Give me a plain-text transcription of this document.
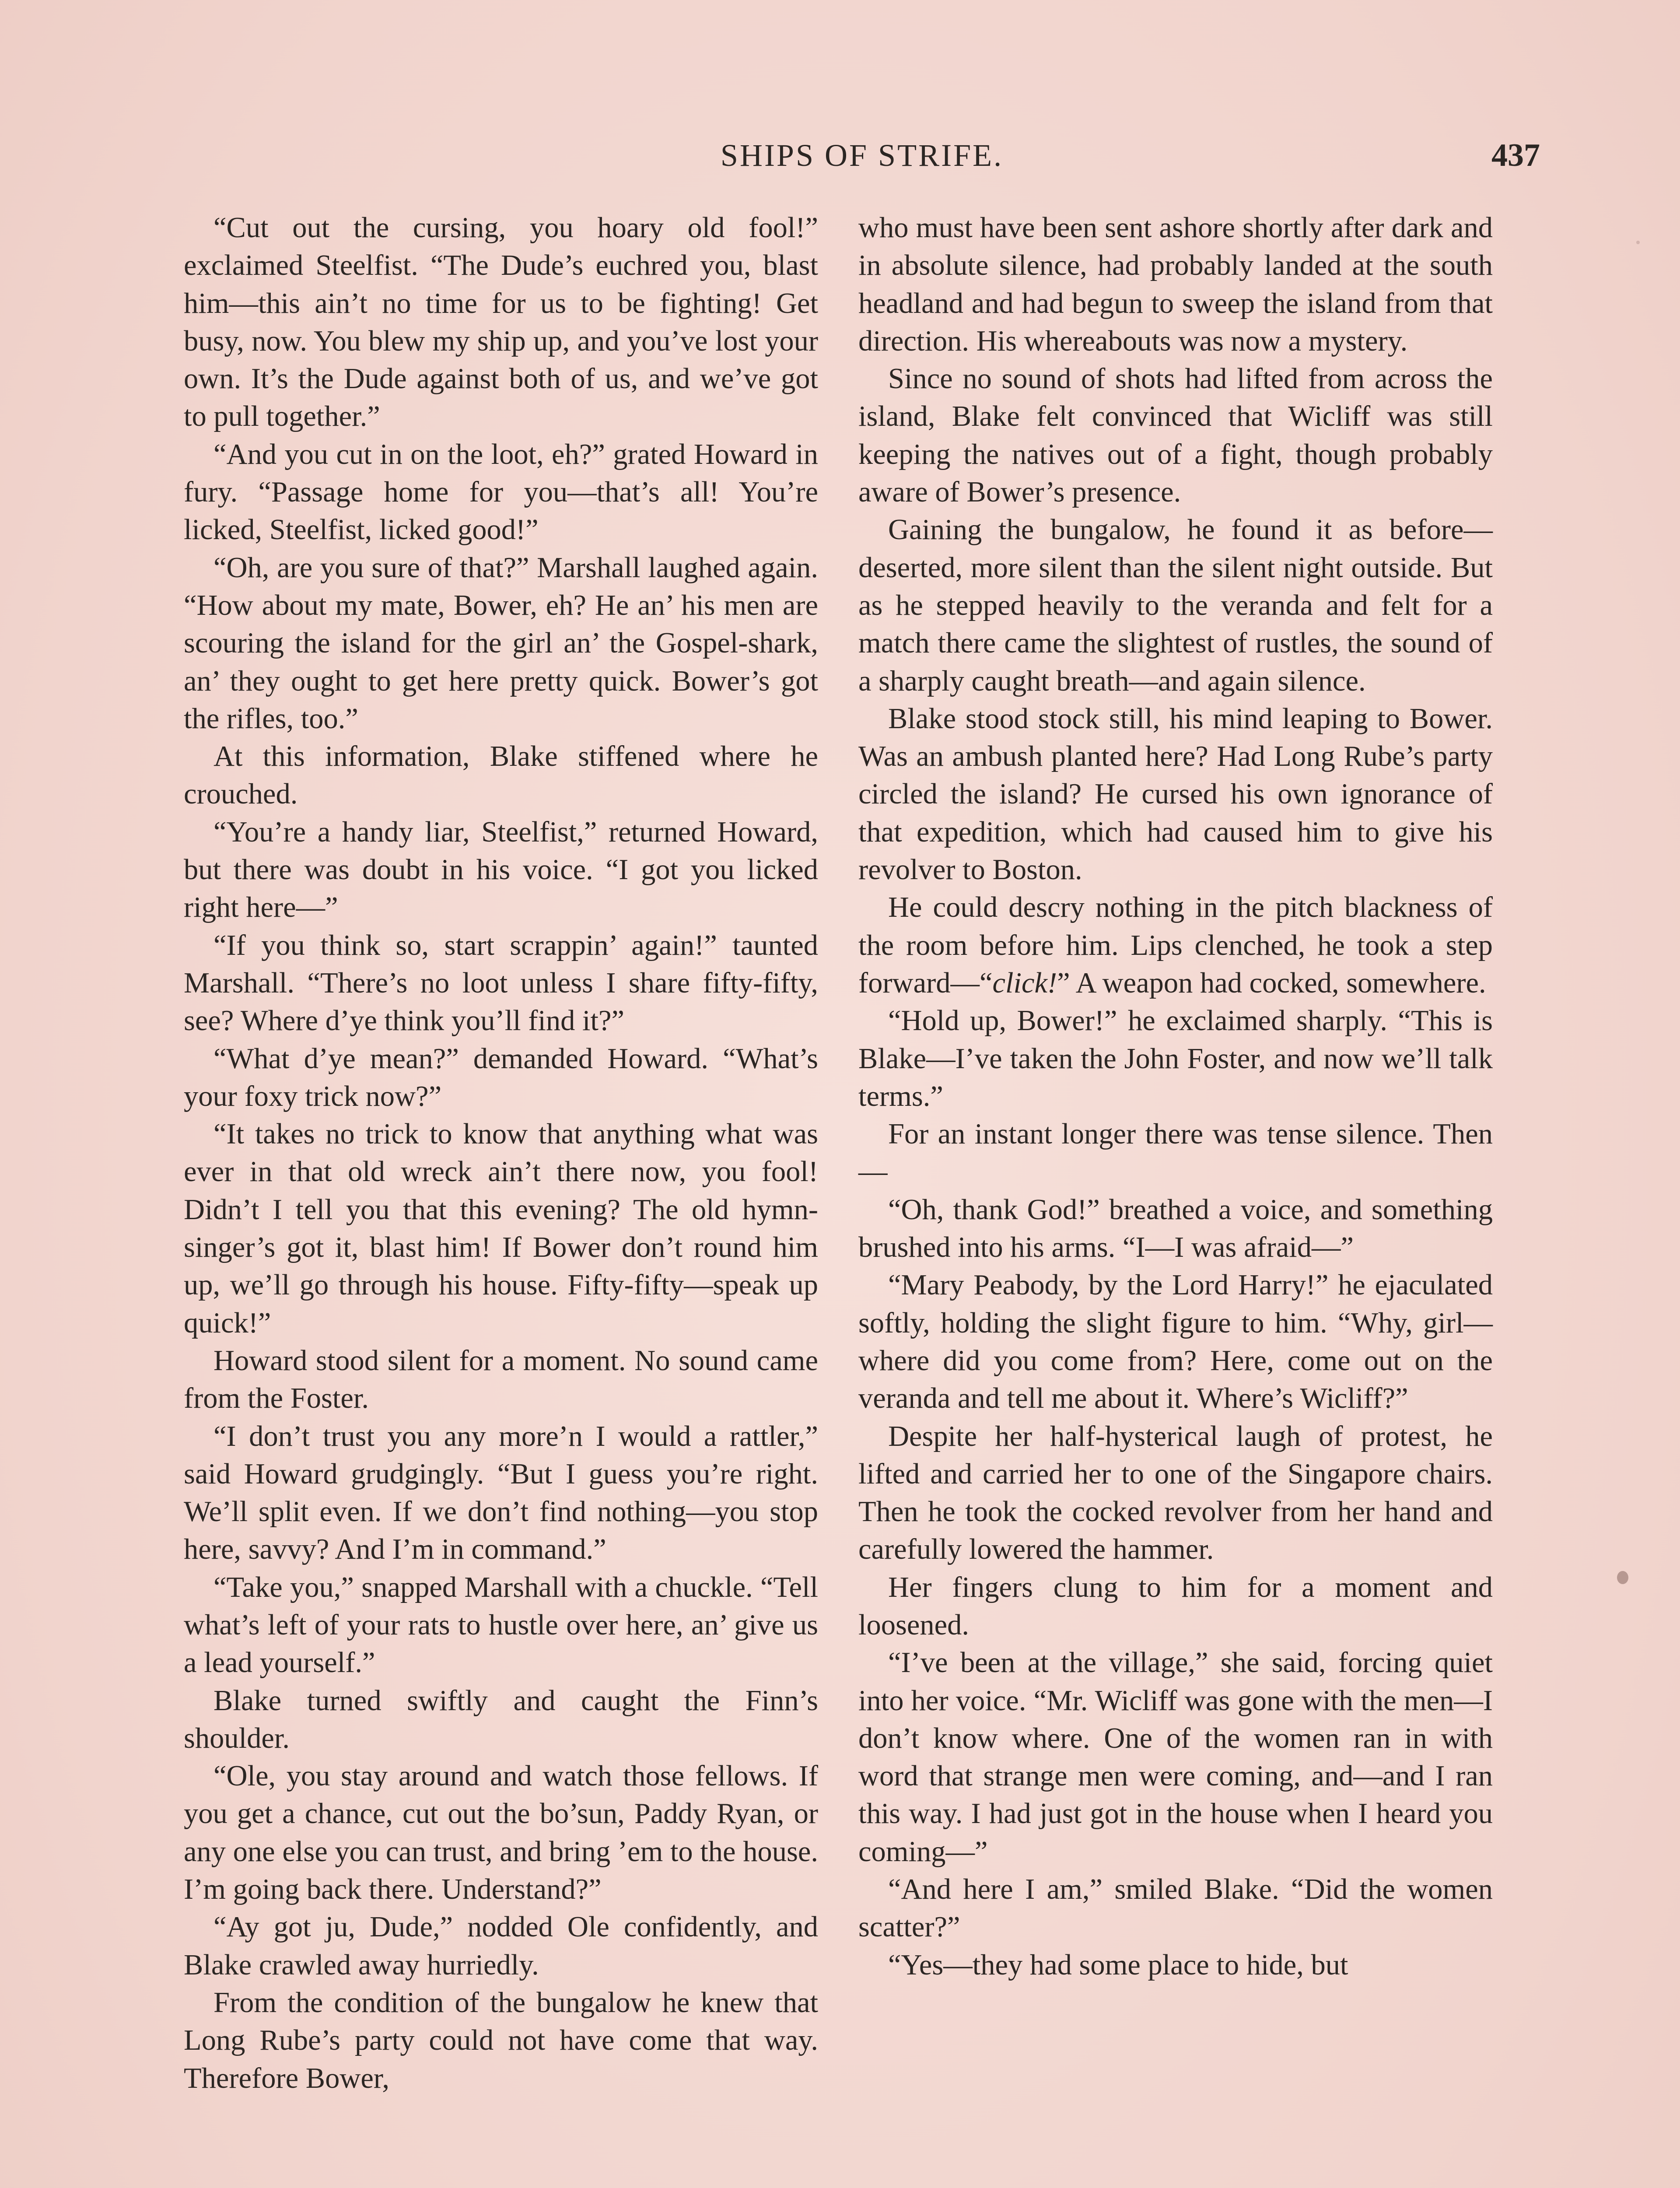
SHIPS OF STRIFE.	437

“Cut out the cursing, you hoary old fool!” exclaimed Steelfist. “The Dude’s euchred you, blast him—this ain’t no time for us to be fighting! Get busy, now. You blew my ship up, and you’ve lost your own. It’s the Dude against both of us, and we’ve got to pull together.”

“And you cut in on the loot, eh?” grated Howard in fury. “Passage home for you—that’s all! You’re licked, Steelfist, licked good!”

“Oh, are you sure of that?” Marshall laughed again. “How about my mate, Bower, eh? He an’ his men are scouring the island for the girl an’ the Gospel-shark, an’ they ought to get here pretty quick. Bower’s got the rifles, too.”

At this information, Blake stiffened where he crouched.

“You’re a handy liar, Steelfist,” returned Howard, but there was doubt in his voice. “I got you licked right here—”

“If you think so, start scrappin’ again!” taunted Marshall. “There’s no loot unless I share fifty-fifty, see? Where d’ye think you’ll find it?”

“What d’ye mean?” demanded Howard. “What’s your foxy trick now?”

“It takes no trick to know that anything what was ever in that old wreck ain’t there now, you fool! Didn’t I tell you that this evening? The old hymn-singer’s got it, blast him! If Bower don’t round him up, we’ll go through his house. Fifty-fifty—speak up quick!”

Howard stood silent for a moment. No sound came from the Foster.

“I don’t trust you any more’n I would a rattler,” said Howard grudgingly. “But I guess you’re right. We’ll split even. If we don’t find nothing—you stop here, savvy? And I’m in command.”

“Take you,” snapped Marshall with a chuckle. “Tell what’s left of your rats to hustle over here, an’ give us a lead yourself.”

Blake turned swiftly and caught the Finn’s shoulder.

“Ole, you stay around and watch those fellows. If you get a chance, cut out the bo’sun, Paddy Ryan, or any one else you can trust, and bring ’em to the house. I’m going back there. Understand?”

“Ay got ju, Dude,” nodded Ole confidently, and Blake crawled away hurriedly.

From the condition of the bungalow he knew that Long Rube’s party could not have come that way. Therefore Bower,

who must have been sent ashore shortly after dark and in absolute silence, had probably landed at the south headland and had begun to sweep the island from that direction. His whereabouts was now a mystery.

Since no sound of shots had lifted from across the island, Blake felt convinced that Wicliff was still keeping the natives out of a fight, though probably aware of Bower’s presence.

Gaining the bungalow, he found it as before—deserted, more silent than the silent night outside. But as he stepped heavily to the veranda and felt for a match there came the slightest of rustles, the sound of a sharply caught breath—and again silence.

Blake stood stock still, his mind leaping to Bower. Was an ambush planted here? Had Long Rube’s party circled the island? He cursed his own ignorance of that expedition, which had caused him to give his revolver to Boston.

He could descry nothing in the pitch blackness of the room before him. Lips clenched, he took a step forward—“click!” A weapon had cocked, somewhere.

“Hold up, Bower!” he exclaimed sharply. “This is Blake—I’ve taken the John Foster, and now we’ll talk terms.”

For an instant longer there was tense silence. Then—

“Oh, thank God!” breathed a voice, and something brushed into his arms. “I—I was afraid—”

“Mary Peabody, by the Lord Harry!” he ejaculated softly, holding the slight figure to him. “Why, girl—where did you come from? Here, come out on the veranda and tell me about it. Where’s Wicliff?”

Despite her half-hysterical laugh of protest, he lifted and carried her to one of the Singapore chairs. Then he took the cocked revolver from her hand and carefully lowered the hammer.

Her fingers clung to him for a moment and loosened.

“I’ve been at the village,” she said, forcing quiet into her voice. “Mr. Wicliff was gone with the men—I don’t know where. One of the women ran in with word that strange men were coming, and—and I ran this way. I had just got in the house when I heard you coming—”

“And here I am,” smiled Blake. “Did the women scatter?”

“Yes—they had some place to hide, but
